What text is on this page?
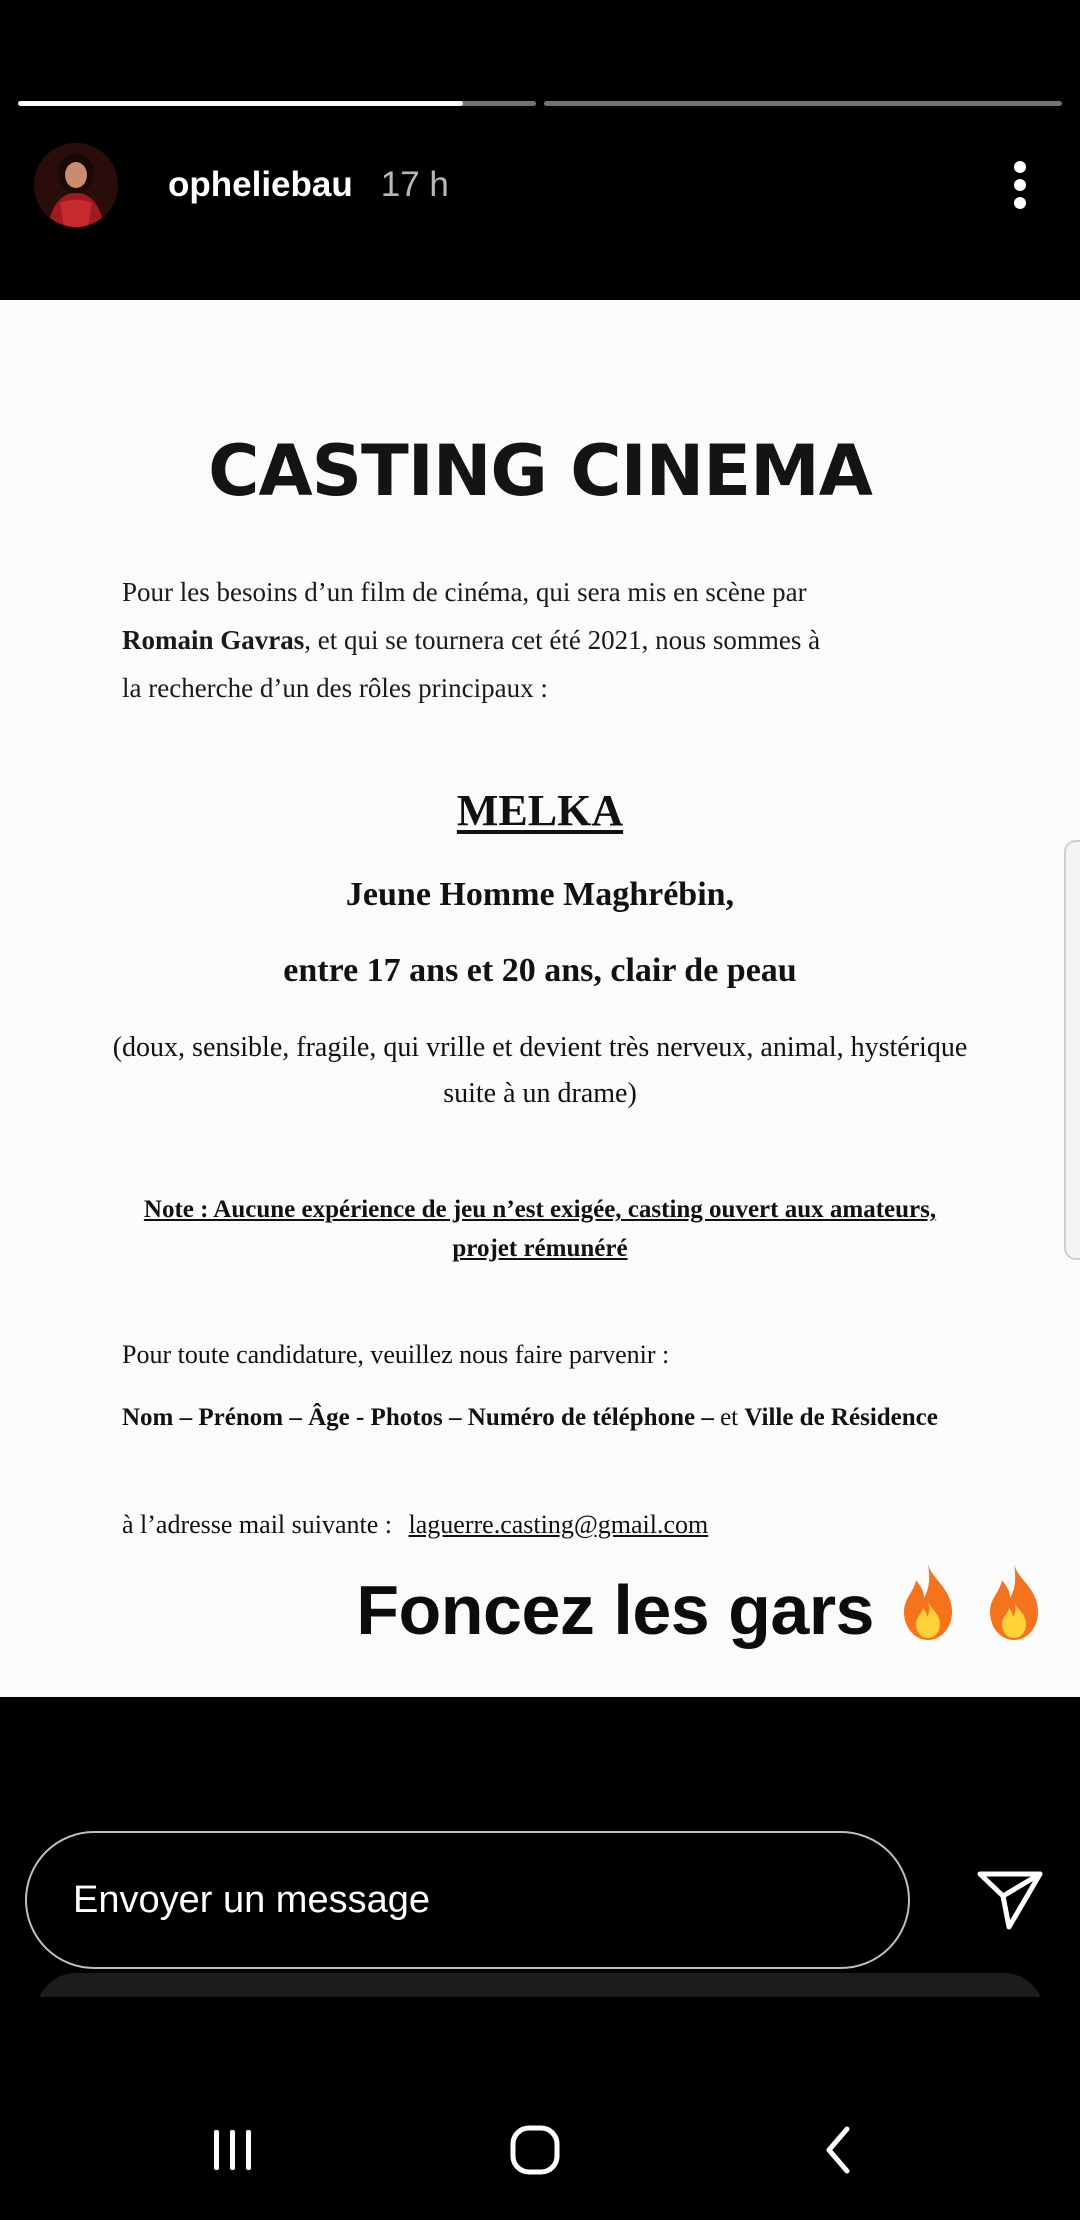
opheliebau 17 h
CASTING CINEMA
Pour les besoins d’un film de cinéma, qui sera mis en scène par
Romain Gavras, et qui se tournera cet été 2021, nous sommes à
la recherche d’un des rôles principaux :
MELKA
Jeune Homme Maghrébin,
entre 17 ans et 20 ans, clair de peau
(doux, sensible, fragile, qui vrille et devient très nerveux, animal, hystérique suite à un drame)
Note : Aucune expérience de jeu n’est exigée, casting ouvert aux amateurs, projet rémunéré
Pour toute candidature, veuillez nous faire parvenir :
Nom – Prénom – Âge - Photos – Numéro de téléphone – et Ville de Résidence
à l’adresse mail suivante : laguerre.casting@gmail.com
Foncez les gars
Envoyer un message
